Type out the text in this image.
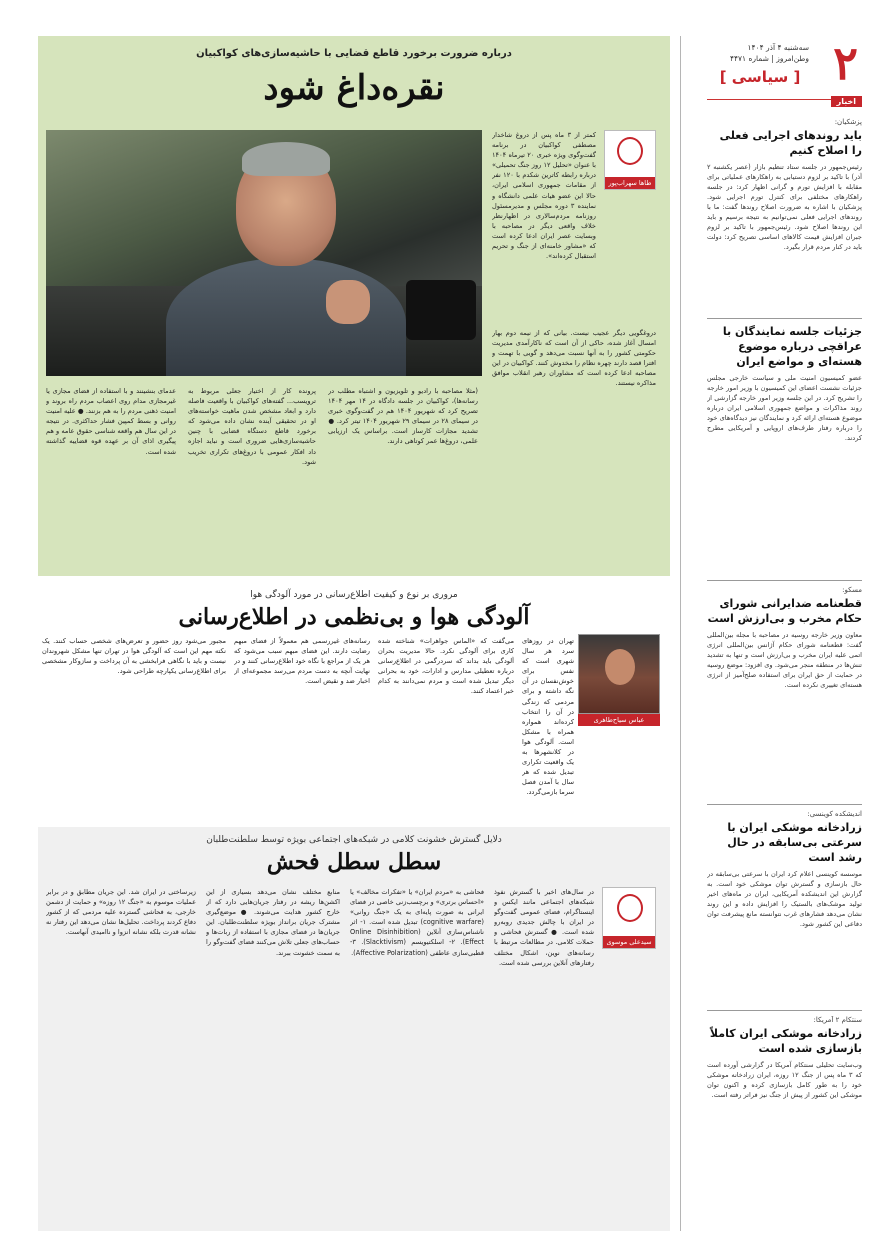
۲
سه‌شنبه ۴ آذر ۱۴۰۴
وطن‌امروز | شماره ۴۴۷۱
[ سیاسی ]
اخبار
پزشکیان:
باید روندهای اجرایی فعلی را اصلاح کنیم
رئیس‌جمهور در جلسه ستاد تنظیم بازار (عصر یکشنبه ۲ آذر) با تاکید بر لزوم دستیابی به راهکارهای عملیاتی برای مقابله با افزایش تورم و گرانی اظهار کرد: در جلسه راهکارهای مختلفی برای کنترل تورم اجرایی شود. پزشکیان با اشاره به ضرورت اصلاح روندها گفت: ما با روندهای اجرایی فعلی نمی‌توانیم به نتیجه برسیم و باید این روندها اصلاح شود. رئیس‌جمهور با تاکید بر لزوم جبران افزایش قیمت کالاهای اساسی تصریح کرد: دولت باید در کنار مردم قرار بگیرد.
جزئیات جلسه نمایندگان با عراقچی درباره موضوع هسته‌ای و مواضع ایران
عضو کمیسیون امنیت ملی و سیاست خارجی مجلس جزئیات نشست اعضای این کمیسیون با وزیر امور خارجه را تشریح کرد. در این جلسه وزیر امور خارجه گزارشی از روند مذاکرات و مواضع جمهوری اسلامی ایران درباره موضوع هسته‌ای ارائه کرد و نمایندگان نیز دیدگاه‌های خود را درباره رفتار طرف‌های اروپایی و آمریکایی مطرح کردند.
مسکو:
قطعنامه ضدایرانی شورای حکام مخرب و بی‌ارزش است
معاون وزیر خارجه روسیه در مصاحبه با مجله بین‌المللی گفت: قطعنامه شورای حکام آژانس بین‌المللی انرژی اتمی علیه ایران مخرب و بی‌ارزش است و تنها به تشدید تنش‌ها در منطقه منجر می‌شود. وی افزود: موضع روسیه در حمایت از حق ایران برای استفاده صلح‌آمیز از انرژی هسته‌ای تغییری نکرده است.
اندیشکده کوینسی:
زرادخانه موشکی ایران با سرعتی بی‌سابقه در حال رشد است
موسسه کوینسی اعلام کرد ایران با سرعتی بی‌سابقه در حال بازسازی و گسترش توان موشکی خود است. به گزارش این اندیشکده آمریکایی، ایران در ماه‌های اخیر تولید موشک‌های بالستیک را افزایش داده و این روند نشان می‌دهد فشارهای غرب نتوانسته مانع پیشرفت توان دفاعی این کشور شود.
سنتکام ۲ آمریکا:
زرادخانه موشکی ایران کاملاً بازسازی شده است
وب‌سایت تحلیلی سنتکام آمریکا در گزارشی آورده است که ۳ ماه پس از جنگ ۱۲ روزه، ایران زرادخانه موشکی خود را به طور کامل بازسازی کرده و اکنون توان موشکی این کشور از پیش از جنگ نیز فراتر رفته است.
درباره ضرورت برخورد قاطع قضایی با حاشیه‌سازی‌های کواکبیان
نقره‌داغ شود
طاها سهراب‌پور
کمتر از ۳ ماه پس از دروغ شاخدار مصطفی کواکبیان در برنامه گفت‌وگوی ویژه خبری ۲۰ تیرماه ۱۴۰۴ با عنوان «تحلیل ۱۲ روز جنگ تحمیلی» درباره رابطه کاترین شکدم با ۱۲۰ نفر از مقامات جمهوری اسلامی ایران، حالا این عضو هیات علمی دانشگاه و نماینده ۳ دوره مجلس و مدیرمسئول روزنامه مردم‌سالاری در اظهارنظر خلاف واقعی دیگر در مصاحبه با وبسایت عصر ایران ادعا کرده است که «مشاور خامنه‌ای از جنگ و تحریم استقبال کرده‌اند».
دروغگویی دیگر عجیب نیست. بیانی که از نیمه دوم بهار امسال آغاز شده، حاکی از آن است که ناکارآمدی مدیریت حکومتی کشور را به آنها نسبت می‌دهد و گویی با تهمت و افترا قصد دارند چهره نظام را مخدوش کنند. کواکبیان در این مصاحبه ادعا کرده است که مشاوران رهبر انقلاب موافق مذاکره نیستند.
(مثلا مصاحبه با رادیو و تلویزیون و اشتباه مطلب در رسانه‌ها)، کواکبیان در جلسه دادگاه در ۱۴ مهر ۱۴۰۴ تصریح کرد که شهریور ۱۴۰۴ هم در گفت‌وگوی خبری در سیمای ۲۸ در سیمای ۲۹ شهریور ۱۴۰۴ تیتر کرد. ● تشدید مجازات کارساز است. براساس یک ارزیابی علمی، دروغ‌ها عمر کوتاهی دارند.
پرونده کار از اختیار جعلی مربوط به ترویسب... گفته‌های کواکبیان با واقعیت فاصله دارد و ابعاد مشخص شدن ماهیت خواسته‌های او در تحقیقی آینده نشان داده می‌شود که برخورد قاطع دستگاه قضایی با چنین حاشیه‌سازی‌هایی ضروری است و نباید اجازه داد افکار عمومی با دروغ‌های تکراری تخریب شود.
عدمای بنشینند و با استفاده از فضای مجازی یا غیرمجازی مدام روی اعصاب مردم راه بروند و امنیت ذهنی مردم را به هم بزنند. ● علیه امنیت روانی و بسط کمپین فشار حداکثری. در نتیجه در این سال هم واقعه شناسی حقوق عامه و هم پیگیری اذای آن بر عهده قوه قضاییه گذاشته شده است.
مروری بر نوع و کیفیت اطلاع‌رسانی در مورد آلودگی هوا
آلودگی هوا و بی‌نظمی در اطلاع‌رسانی
عباس سیاح‌طاهری
تهران در روزهای سرد هر سال شهری است که نفس برای خوش‌نفسان در آن نگه داشته و برای مردمی که زندگی در آن را انتخاب کرده‌اند همواره همراه با مشکل است. آلودگی هوا در کلانشهرها به یک واقعیت تکراری تبدیل شده که هر سال با آمدن فصل سرما بازمی‌گردد.
می‌گفت که «الماس جواهرات» شناخته شده کاری برای آلودگی نکرد. حالا مدیریت بحران آلودگی باید بداند که سردرگمی در اطلاع‌رسانی درباره تعطیلی مدارس و ادارات، خود به بحرانی دیگر تبدیل شده است و مردم نمی‌دانند به کدام خبر اعتماد کنند.
رسانه‌های غیررسمی هم معمولاً از فضای مبهم رضایت دارند. این فضای مبهم سبب می‌شود که هر یک از مراجع با نگاه خود اطلاع‌رسانی کنند و در نهایت آنچه به دست مردم می‌رسد مجموعه‌ای از اخبار ضد و نقیض است.
مجبور می‌شود روز حضور و تعرض‌های شخصی حساب کنند. یک نکته مهم این است که آلودگی هوا در تهران تنها مشکل شهروندان نیست و باید با نگاهی فرابخشی به آن پرداخت و سازوکار مشخصی برای اطلاع‌رسانی یکپارچه طراحی شود.
دلایل گسترش خشونت کلامی در شبکه‌های اجتماعی بویژه توسط سلطنت‌طلبان
سطل سطل فحش
سیدعلی موسوی
در سال‌های اخیر با گسترش نفوذ شبکه‌های اجتماعی مانند ایکس و اینستاگرام، فضای عمومی گفت‌وگو در ایران با چالش جدیدی روبه‌رو شده است. ● گسترش فحاشی و حملات کلامی. در مطالعات مرتبط با رسانه‌های نوین، اشکال مختلف رفتارهای آنلاین بررسی شده است.
فحاشی به «مردم ایران» یا «تفکرات مخالف» یا «احساس برتری» و برچسب‌زنی خاصی در فضای ایرانی به صورت پایه‌ای به یک «جنگ روانی» (cognitive warfare) تبدیل شده است. ۱- اثر ناشناس‌سازی آنلاین (Online Disinhibition Effect). ۲- اسلکتیویسم (Slacktivism). ۳- قطبی‌سازی عاطفی (Affective Polarization).
منابع مختلف نشان می‌دهد بسیاری از این اکشن‌ها ریشه در رفتار جریان‌هایی دارد که از خارج کشور هدایت می‌شوند. ● موضع‌گیری مشترک جریان برانداز بویژه سلطنت‌طلبان. این جریان‌ها در فضای مجازی با استفاده از ربات‌ها و حساب‌های جعلی تلاش می‌کنند فضای گفت‌وگو را به سمت خشونت ببرند.
زیرساختی در ایران شد. این جریان مطابق و در برابر عملیات موسوم به «جنگ ۱۲ روزه» و حمایت از دشمن خارجی، به فحاشی گسترده علیه مردمی که از کشور دفاع کردند پرداخت. تحلیل‌ها نشان می‌دهد این رفتار نه نشانه قدرت بلکه نشانه انزوا و ناامیدی آنهاست.
